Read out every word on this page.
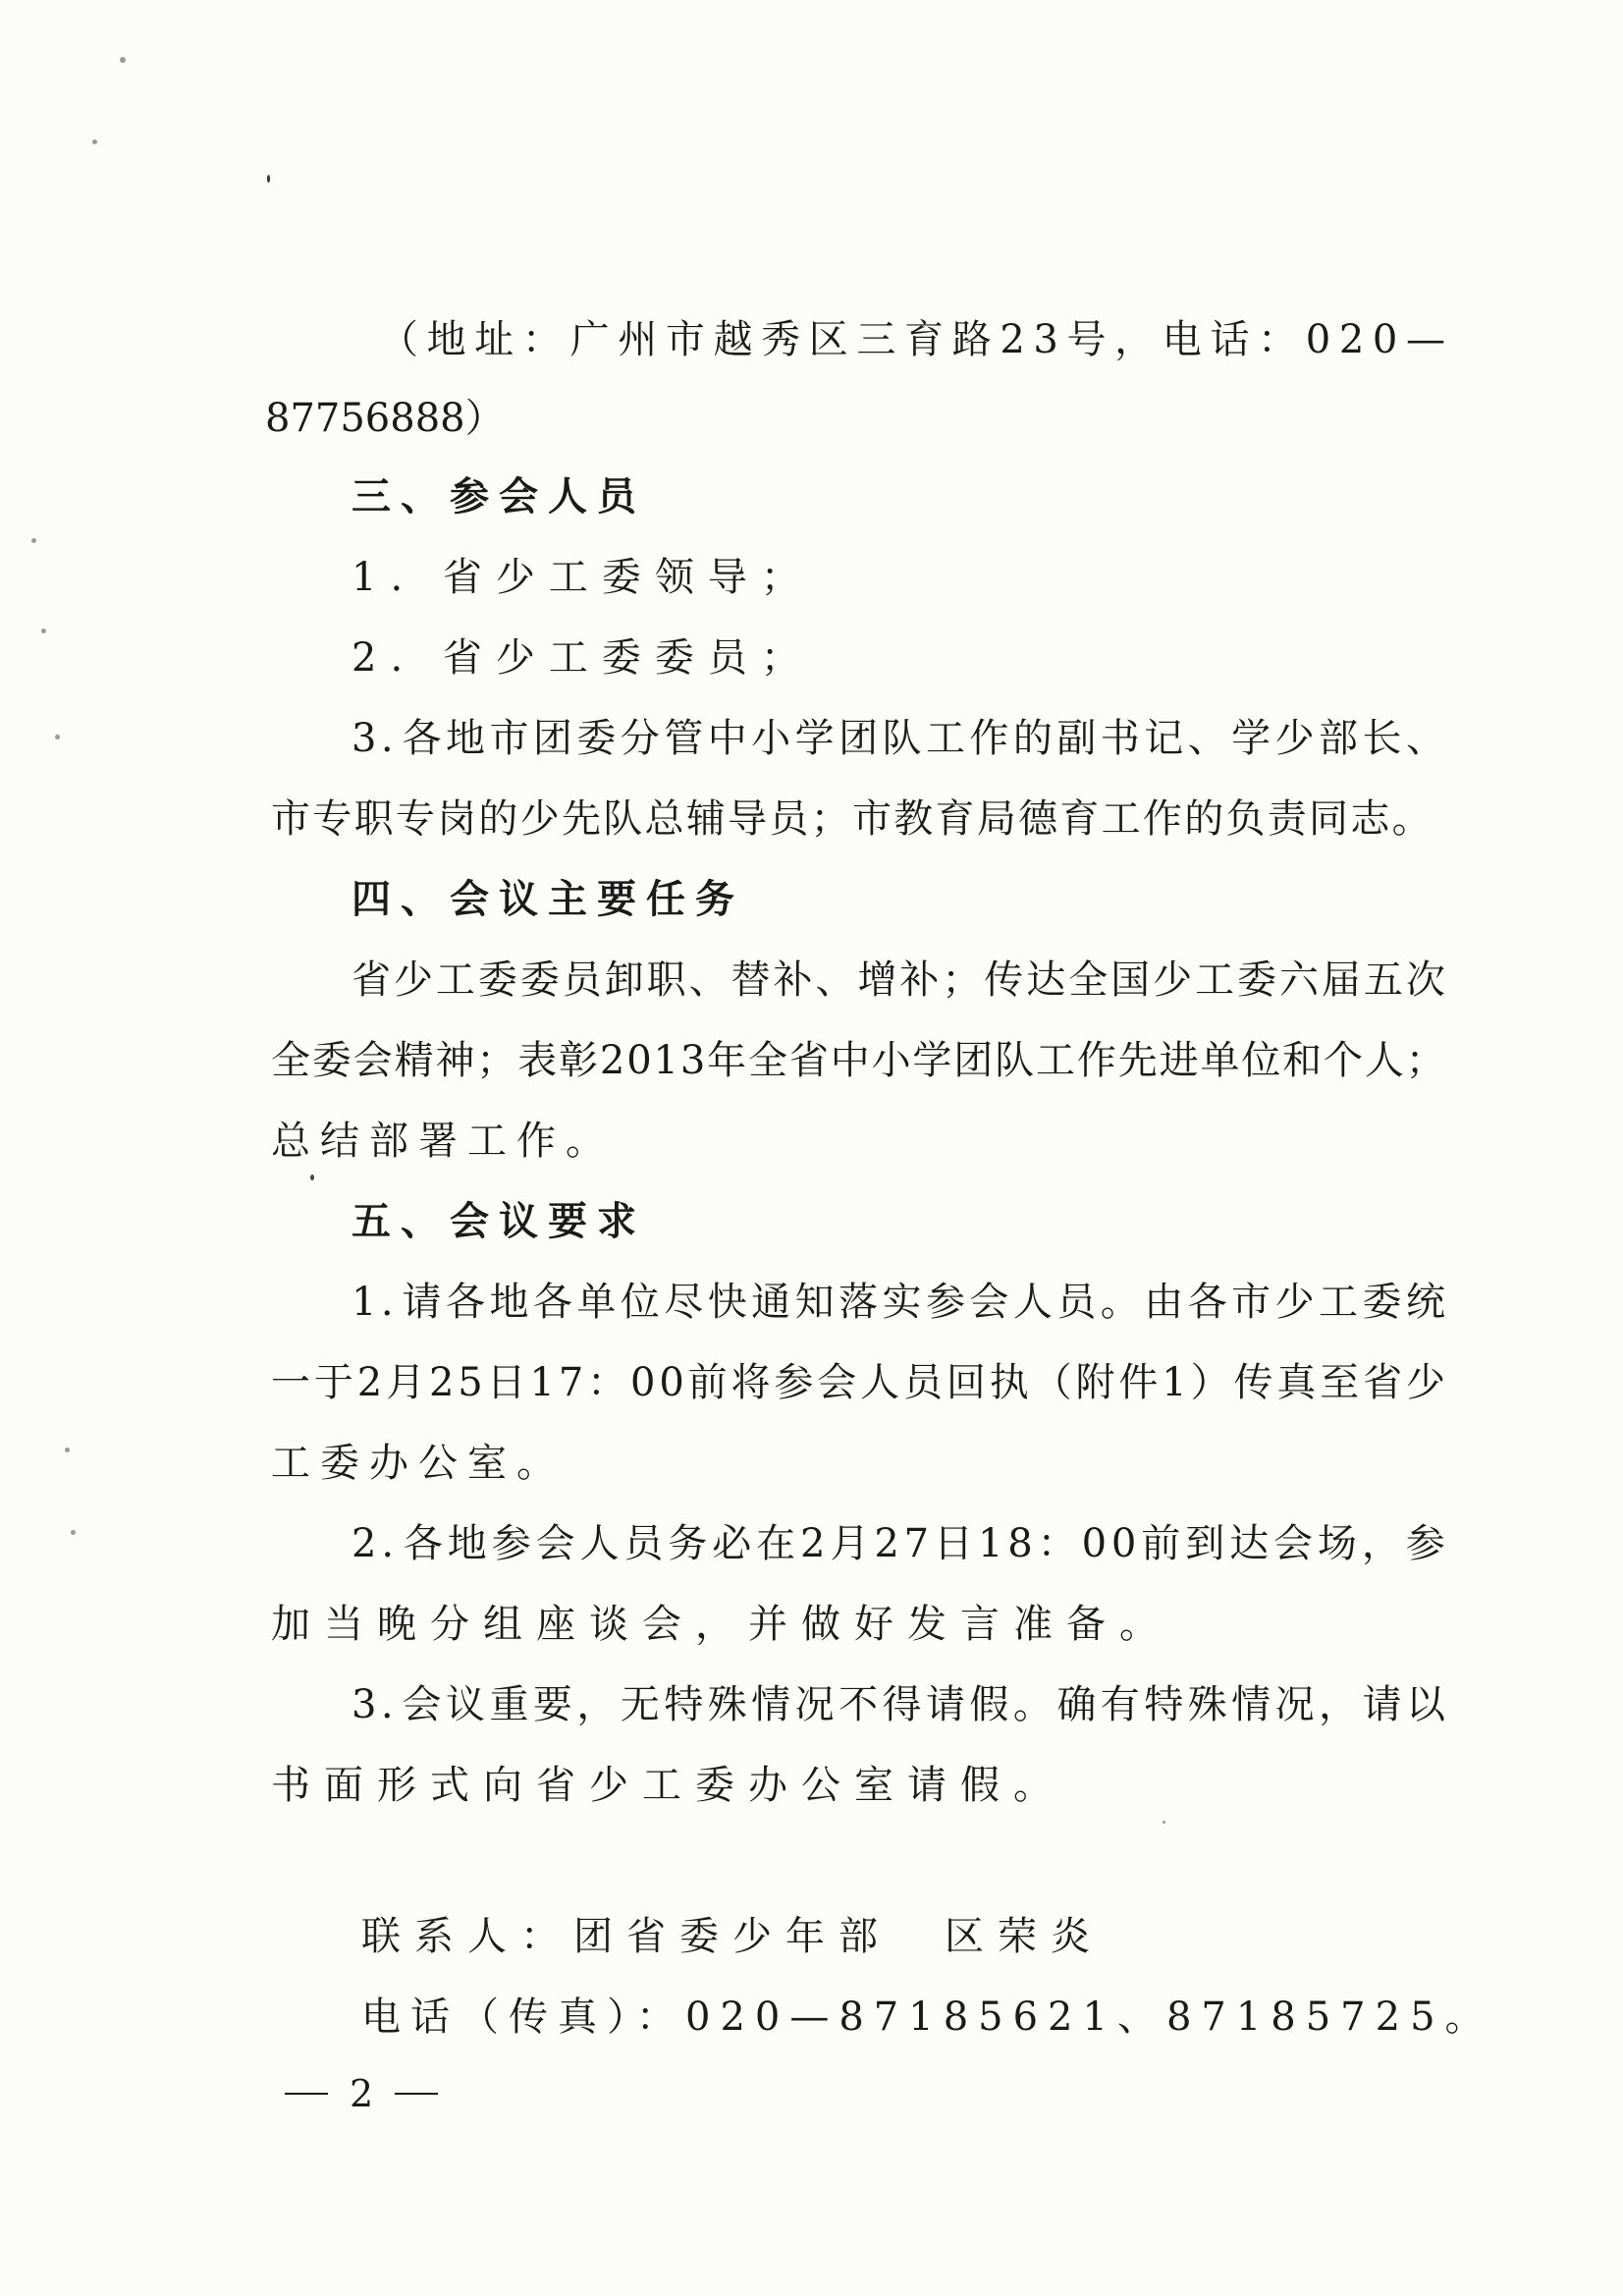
（ 地 址 ： 广 州 市 越 秀 区 三 育 路 2 3 号 ， 电 话 ： 0 2 0 —
87756888）
三、参会人员
1. 省少工委领导；
2. 省少工委委员；
3 . 各 地 市 团 委 分 管 中 小 学 团 队 工 作 的 副 书 记 、 学 少 部 长 、
市 专 职 专 岗 的 少 先 队 总 辅 导 员 ； 市 教 育 局 德 育 工 作 的 负 责 同 志 。
四、会议主要任务
省 少 工 委 委 员 卸 职 、 替 补 、 增 补 ； 传 达 全 国 少 工 委 六 届 五 次
全 委 会 精 神 ； 表 彰 2 0 1 3 年 全 省 中 小 学 团 队 工 作 先 进 单 位 和 个 人 ；
总结部署工作。
五、会议要求
1 . 请 各 地 各 单 位 尽 快 通 知 落 实 参 会 人 员 。 由 各 市 少 工 委 统
一 于 2 月 2 5 日 1 7 ： 0 0 前 将 参 会 人 员 回 执 （ 附 件 1 ） 传 真 至 省 少
工委办公室。
2 . 各 地 参 会 人 员 务 必 在 2 月 2 7 日 1 8 ： 0 0 前 到 达 会 场 ， 参
加当晚分组座谈会，并做好发言准备。
3 . 会 议 重 要 ， 无 特 殊 情 况 不 得 请 假 。 确 有 特 殊 情 况 ， 请 以
书面形式向省少工委办公室请假。
联系人：团省委少年部　区荣炎
电话（传真）：020—87185621、87185725。
2
